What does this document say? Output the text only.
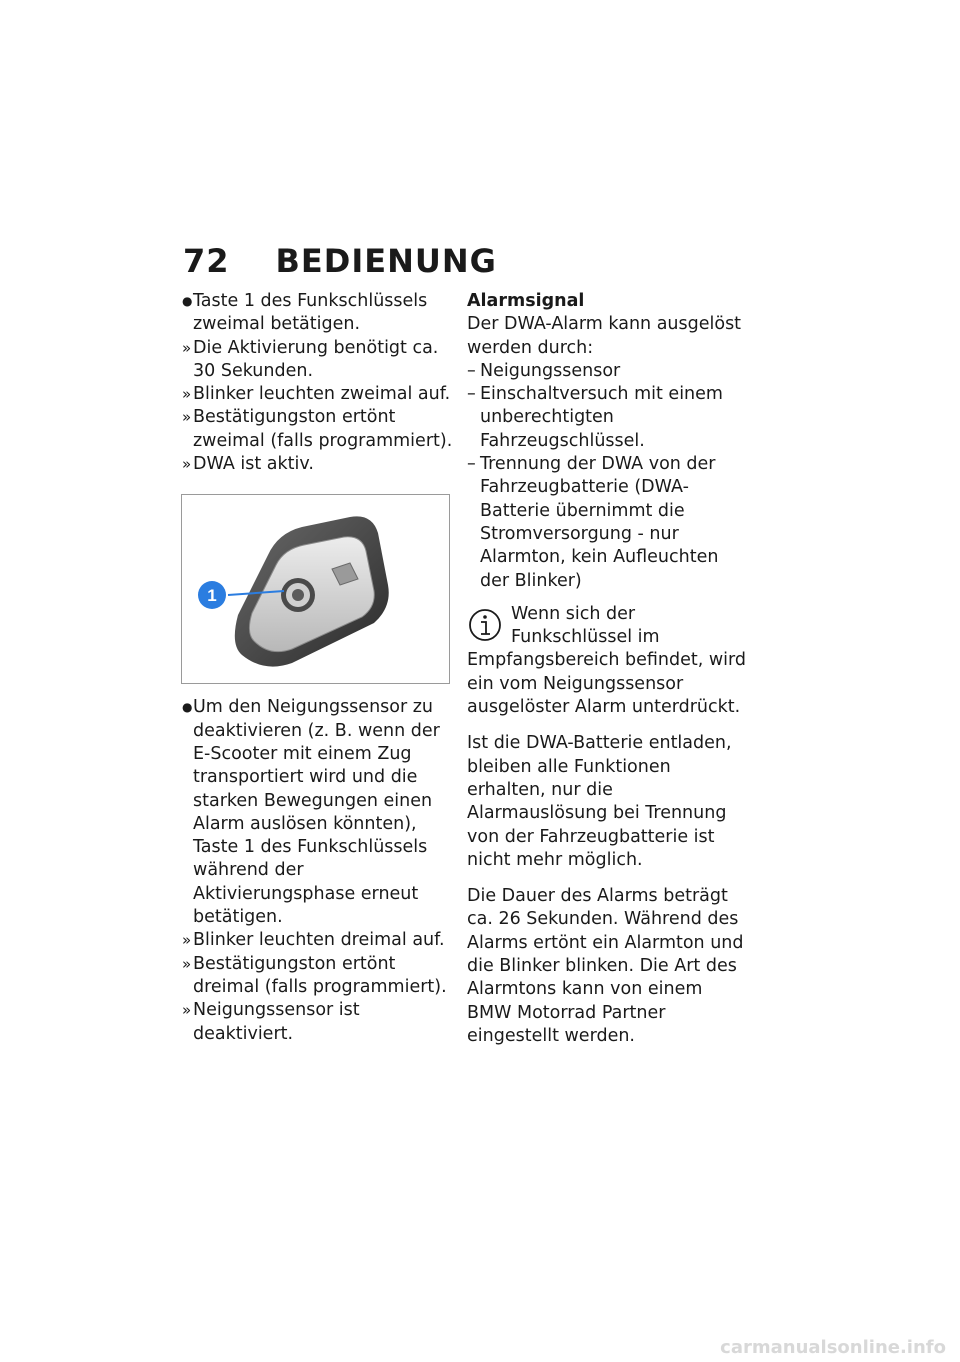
72 BEDIENUNG
● Taste 1 des Funkschlüssels zweimal betätigen.
» Die Aktivierung benötigt ca. 30 Sekunden.
» Blinker leuchten zweimal auf.
» Bestätigungston ertönt zweimal (falls programmiert).
» DWA ist aktiv.
1
● Um den Neigungssensor zu deaktivieren (z. B. wenn der E-Scooter mit einem Zug transportiert wird und die starken Bewegungen einen Alarm auslösen könnten), Taste 1 des Funkschlüssels während der Aktivierungsphase erneut betätigen.
» Blinker leuchten dreimal auf.
» Bestätigungston ertönt dreimal (falls programmiert).
» Neigungssensor ist deaktiviert.
Alarmsignal
Der DWA-Alarm kann ausgelöst werden durch:
– Neigungssensor
– Einschaltversuch mit einem unberechtigten Fahrzeugschlüssel.
– Trennung der DWA von der Fahrzeugbatterie (DWA-Batterie übernimmt die Stromversorgung - nur Alarmton, kein Aufleuchten der Blinker)
Wenn sich der
Funkschlüssel im
Empfangsbereich befindet, wird ein vom Neigungssensor ausgelöster Alarm unterdrückt.
Ist die DWA-Batterie entladen, bleiben alle Funktionen erhalten, nur die Alarmauslösung bei Trennung von der Fahrzeugbatterie ist nicht mehr möglich.
Die Dauer des Alarms beträgt ca. 26 Sekunden. Während des Alarms ertönt ein Alarmton und die Blinker blinken. Die Art des Alarmtons kann von einem BMW Motorrad Partner eingestellt werden.
carmanualsonline.info
